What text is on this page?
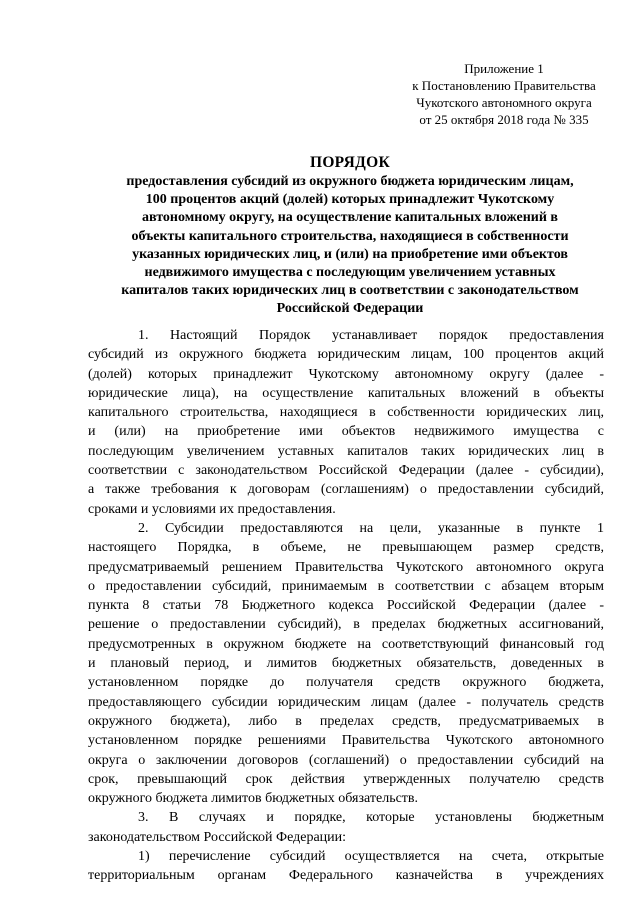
Приложение 1
к Постановлению Правительства
Чукотского автономного округа
от 25 октября 2018 года № 335
ПОРЯДОК
предоставления субсидий из окружного бюджета юридическим лицам,
100 процентов акций (долей) которых принадлежит Чукотскому
автономному округу, на осуществление капитальных вложений в
объекты капитального строительства, находящиеся в собственности
указанных юридических лиц, и (или) на приобретение ими объектов
недвижимого имущества с последующим увеличением уставных
капиталов таких юридических лиц в соответствии с законодательством
Российской Федерации
1. Настоящий Порядок устанавливает порядок предоставления
субсидий из окружного бюджета юридическим лицам, 100 процентов акций
(долей) которых принадлежит Чукотскому автономному округу (далее -
юридические лица), на осуществление капитальных вложений в объекты
капитального строительства, находящиеся в собственности юридических лиц,
и (или) на приобретение ими объектов недвижимого имущества с
последующим увеличением уставных капиталов таких юридических лиц в
соответствии с законодательством Российской Федерации (далее - субсидии),
а также требования к договорам (соглашениям) о предоставлении субсидий,
сроками и условиями их предоставления.
2. Субсидии предоставляются на цели, указанные в пункте 1
настоящего Порядка, в объеме, не превышающем размер средств,
предусматриваемый решением Правительства Чукотского автономного округа
о предоставлении субсидий, принимаемым в соответствии с абзацем вторым
пункта 8 статьи 78 Бюджетного кодекса Российской Федерации (далее -
решение о предоставлении субсидий), в пределах бюджетных ассигнований,
предусмотренных в окружном бюджете на соответствующий финансовый год
и плановый период, и лимитов бюджетных обязательств, доведенных в
установленном порядке до получателя средств окружного бюджета,
предоставляющего субсидии юридическим лицам (далее - получатель средств
окружного бюджета), либо в пределах средств, предусматриваемых в
установленном порядке решениями Правительства Чукотского автономного
округа о заключении договоров (соглашений) о предоставлении субсидий на
срок, превышающий срок действия утвержденных получателю средств
окружного бюджета лимитов бюджетных обязательств.
3. В случаях и порядке, которые установлены бюджетным
законодательством Российской Федерации:
1) перечисление субсидий осуществляется на счета, открытые
территориальным органам Федерального казначейства в учреждениях
